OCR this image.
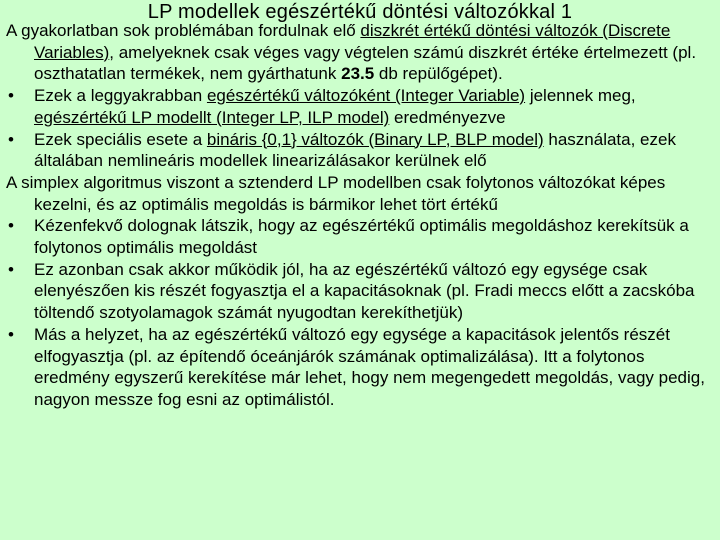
LP modellek egészértékű döntési változókkal 1

A gyakorlatban sok problémában fordulnak elő diszkrét értékű döntési változók (Discrete Variables), amelyeknek csak véges vagy végtelen számú diszkrét értéke értelmezett (pl. oszthatatlan termékek, nem gyárthatunk 23.5 db repülőgépet).

•	Ezek a leggyakrabban egészértékű változóként (Integer Variable) jelennek meg, egészértékű LP modellt (Integer LP, ILP model) eredményezve

•	Ezek speciális esete a bináris {0,1} változók (Binary LP, BLP model) használata, ezek általában nemlineáris modellek linearizálásakor kerülnek elő

A simplex algoritmus viszont a sztenderd LP modellben csak folytonos változókat képes kezelni, és az optimális megoldás is bármikor lehet tört értékű

•	Kézenfekvő dolognak látszik, hogy az egészértékű optimális megoldáshoz kerekítsük a folytonos optimális megoldást

•	Ez azonban csak akkor működik jól, ha az egészértékű változó egy egysége csak elenyészően kis részét fogyasztja el a kapacitásoknak (pl. Fradi meccs előtt a zacskóba töltendő szotyolamagok számát nyugodtan kerekíthetjük)

•	Más a helyzet, ha az egészértékű változó egy egysége a kapacitások jelentős részét elfogyasztja (pl. az építendő óceánjárók számának optimalizálása). Itt a folytonos eredmény egyszerű kerekítése már lehet, hogy nem megengedett megoldás, vagy pedig, nagyon messze fog esni az optimálistól.
